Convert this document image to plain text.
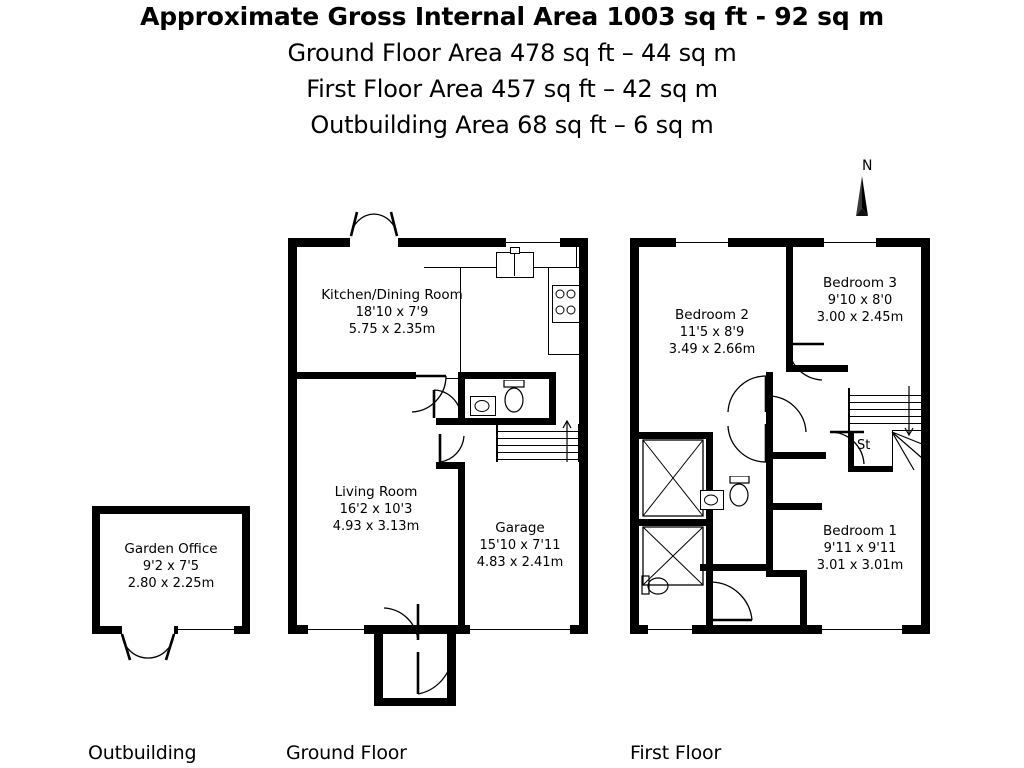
Approximate Gross Internal Area 1003 sq ft - 92 sq m
Ground Floor Area 478 sq ft – 44 sq m
First Floor Area 457 sq ft – 42 sq m
Outbuilding Area 68 sq ft – 6 sq m
N
Garden Office
9'2 x 7'5
2.80 x 2.25m
Kitchen/Dining Room
18'10 x 7'9
5.75 x 2.35m
Living Room
16'2 x 10'3
4.93 x 3.13m	Garage
15'10 x 7'11
4.83 x 2.41m
St
Bedroom 2
11'5 x 8'9
3.49 x 2.66m
Bedroom 3
9'10 x 8'0
3.00 x 2.45m
Bedroom 1
9'11 x 9'11
3.01 x 3.01m
Outbuilding	Ground Floor	First Floor
